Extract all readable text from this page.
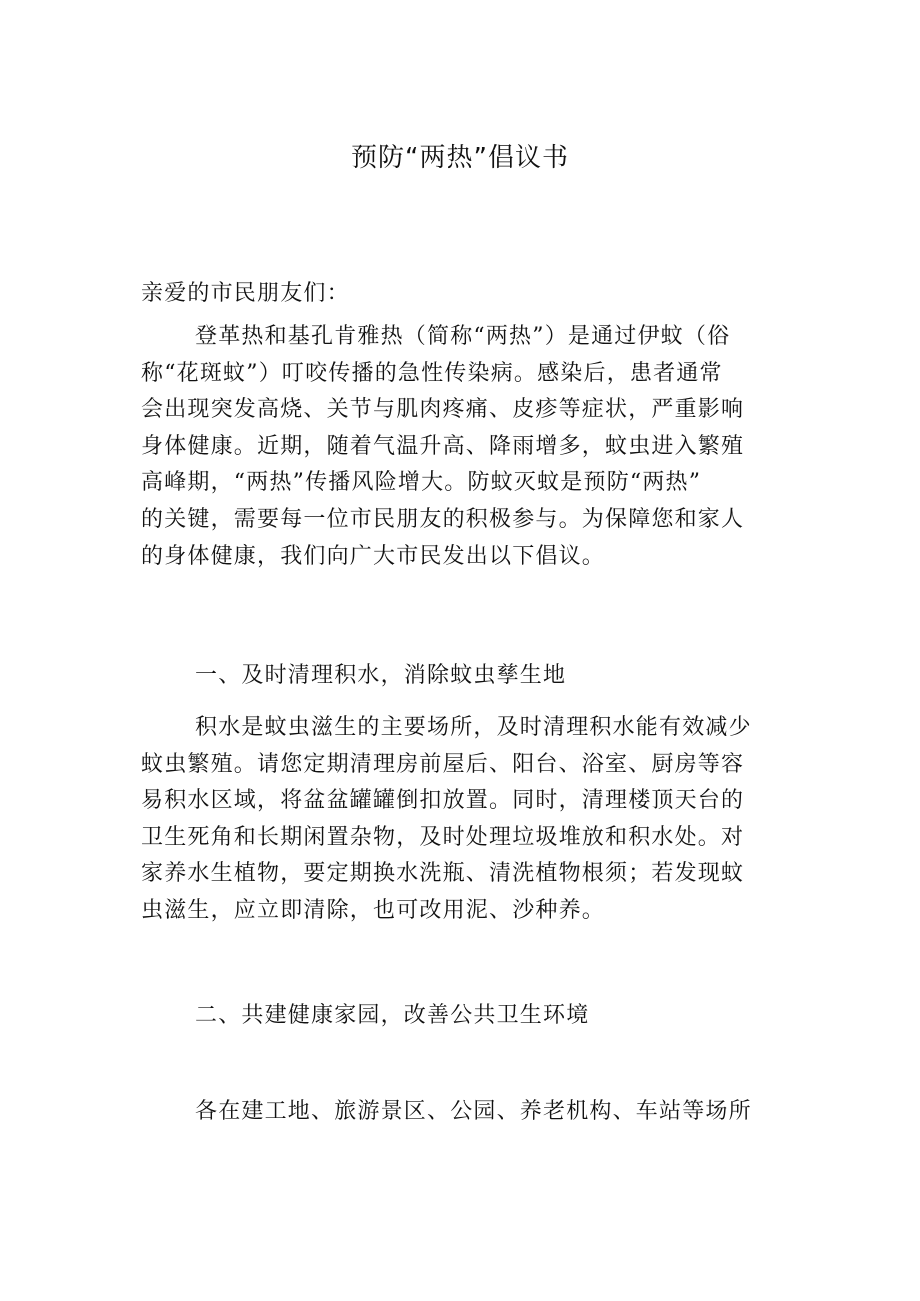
预防“两热”倡议书
亲爱的市民朋友们：
登革热和基孔肯雅热（简称“两热”）是通过伊蚊（俗
称“花斑蚊”）叮咬传播的急性传染病。感染后，患者通常
会出现突发高烧、关节与肌肉疼痛、皮疹等症状，严重影响
身体健康。近期，随着气温升高、降雨增多，蚊虫进入繁殖
高峰期，“两热”传播风险增大。防蚊灭蚊是预防“两热”
的关键，需要每一位市民朋友的积极参与。为保障您和家人
的身体健康，我们向广大市民发出以下倡议。
一、及时清理积水，消除蚊虫孳生地
积水是蚊虫滋生的主要场所，及时清理积水能有效减少
蚊虫繁殖。请您定期清理房前屋后、阳台、浴室、厨房等容
易积水区域，将盆盆罐罐倒扣放置。同时，清理楼顶天台的
卫生死角和长期闲置杂物，及时处理垃圾堆放和积水处。对
家养水生植物，要定期换水洗瓶、清洗植物根须；若发现蚊
虫滋生，应立即清除，也可改用泥、沙种养。
二、共建健康家园，改善公共卫生环境
各在建工地、旅游景区、公园、养老机构、车站等场所
